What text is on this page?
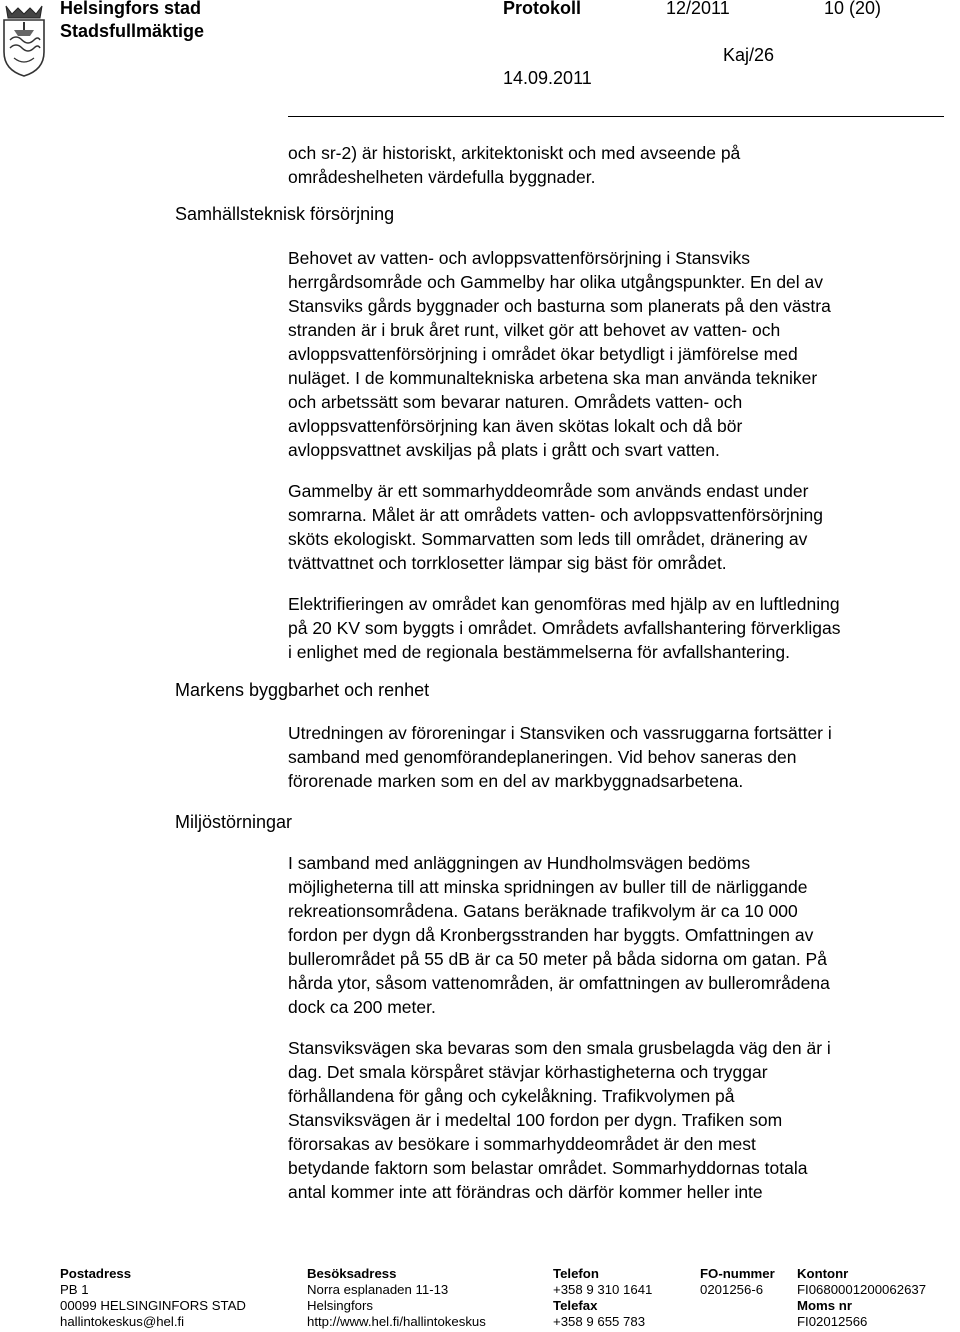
Helsingfors stad
Stadsfullmäktige
Protokoll	12/2011	10 (20)
Kaj/26
14.09.2011
Samhällsteknisk försörjning
Markens byggbarhet och renhet
Miljöstörningar
och sr-2) är historiskt, arkitektoniskt och med avseende på
områdeshelheten värdefulla byggnader.
Behovet av vatten- och avloppsvattenförsörjning i Stansviks
herrgårdsområde och Gammelby har olika utgångspunkter. En del av
Stansviks gårds byggnader och basturna som planerats på den västra
stranden är i bruk året runt, vilket gör att behovet av vatten- och
avloppsvattenförsörjning i området ökar betydligt i jämförelse med
nuläget. I de kommunaltekniska arbetena ska man använda tekniker
och arbetssätt som bevarar naturen. Områdets vatten- och
avloppsvattenförsörjning kan även skötas lokalt och då bör
avloppsvattnet avskiljas på plats i grått och svart vatten.
Gammelby är ett sommarhyddeområde som används endast under
somrarna. Målet är att områdets vatten- och avloppsvattenförsörjning
sköts ekologiskt. Sommarvatten som leds till området, dränering av
tvättvattnet och torrklosetter lämpar sig bäst för området.
Elektrifieringen av området kan genomföras med hjälp av en luftledning
på 20 KV som byggts i området. Områdets avfallshantering förverkligas
i enlighet med de regionala bestämmelserna för avfallshantering.
Utredningen av föroreningar i Stansviken och vassruggarna fortsätter i
samband med genomförandeplaneringen. Vid behov saneras den
förorenade marken som en del av markbyggnadsarbetena.
I samband med anläggningen av Hundholmsvägen bedöms
möjligheterna till att minska spridningen av buller till de närliggande
rekreationsområdena. Gatans beräknade trafikvolym är ca 10 000
fordon per dygn då Kronbergsstranden har byggts. Omfattningen av
bullerområdet på 55 dB är ca 50 meter på båda sidorna om gatan. På
hårda ytor, såsom vattenområden, är omfattningen av bullerområdena
dock ca 200 meter.
Stansviksvägen ska bevaras som den smala grusbelagda väg den är i
dag. Det smala körspåret stävjar körhastigheterna och tryggar
förhållandena för gång och cykelåkning. Trafikvolymen på
Stansviksvägen är i medeltal 100 fordon per dygn. Trafiken som
förorsakas av besökare i sommarhyddeområdet är den mest
betydande faktorn som belastar området. Sommarhyddornas totala
antal kommer inte att förändras och därför kommer heller inte
Postadress
PB 1
00099 HELSINGINFORS STAD
hallintokeskus@hel.fi
Besöksadress
Norra esplanaden 11-13
Helsingfors
http://www.hel.fi/hallintokeskus
Telefon
+358 9 310 1641
Telefax
+358 9 655 783
FO-nummer
0201256-6
Kontonr
FI0680001200062637
Moms nr
FI02012566
